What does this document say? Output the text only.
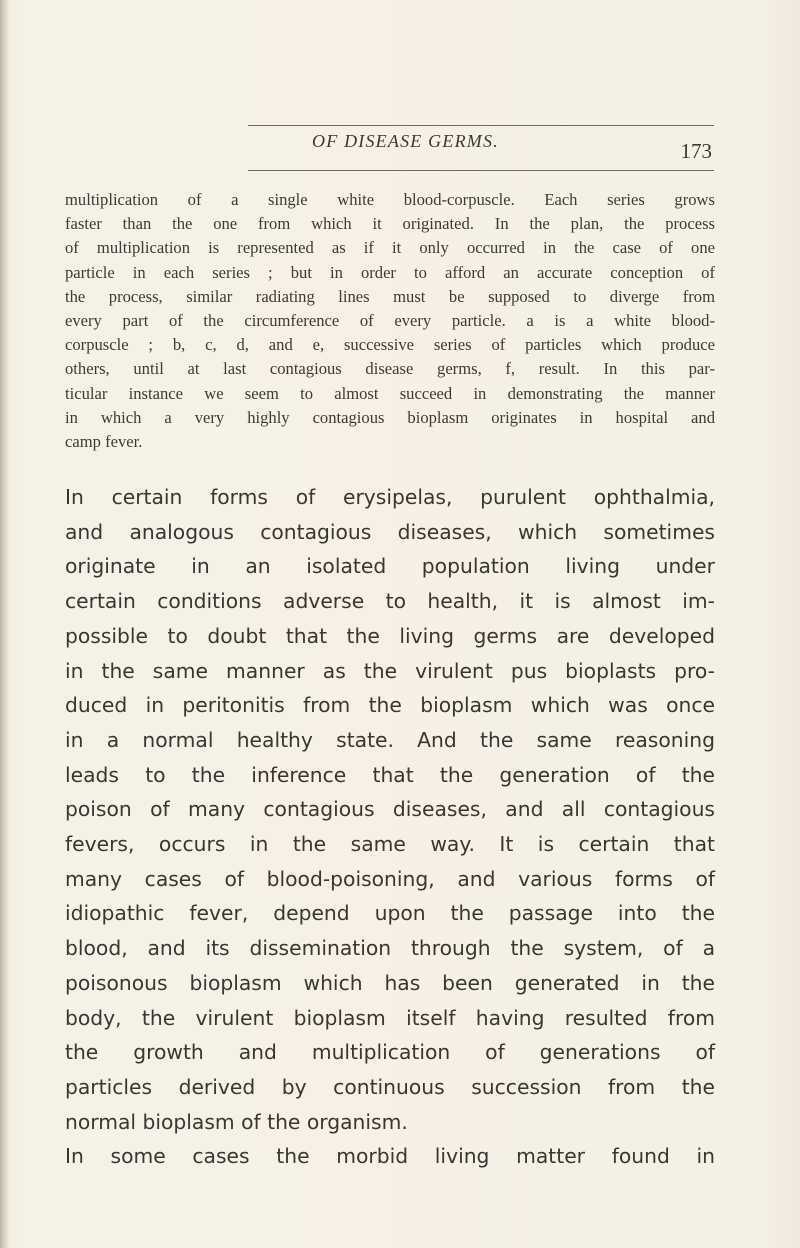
OF DISEASE GERMS.	173
multiplication of a single white blood-corpuscle. Each series grows
faster than the one from which it originated. In the plan, the process
of multiplication is represented as if it only occurred in the case of one
particle in each series ; but in order to afford an accurate conception of
the process, similar radiating lines must be supposed to diverge from
every part of the circumference of every particle. a is a white blood-
corpuscle ; b, c, d, and e, successive series of particles which produce
others, until at last contagious disease germs, f, result. In this par-
ticular instance we seem to almost succeed in demonstrating the manner
in which a very highly contagious bioplasm originates in hospital and
camp fever.
In certain forms of erysipelas, purulent ophthalmia,
and analogous contagious diseases, which sometimes
originate in an isolated population living under
certain conditions adverse to health, it is almost im-
possible to doubt that the living germs are developed
in the same manner as the virulent pus bioplasts pro-
duced in peritonitis from the bioplasm which was once
in a normal healthy state. And the same reasoning
leads to the inference that the generation of the
poison of many contagious diseases, and all contagious
fevers, occurs in the same way. It is certain that
many cases of blood-poisoning, and various forms of
idiopathic fever, depend upon the passage into the
blood, and its dissemination through the system, of a
poisonous bioplasm which has been generated in the
body, the virulent bioplasm itself having resulted from
the growth and multiplication of generations of
particles derived by continuous succession from the
normal bioplasm of the organism.
In some cases the morbid living matter found in
